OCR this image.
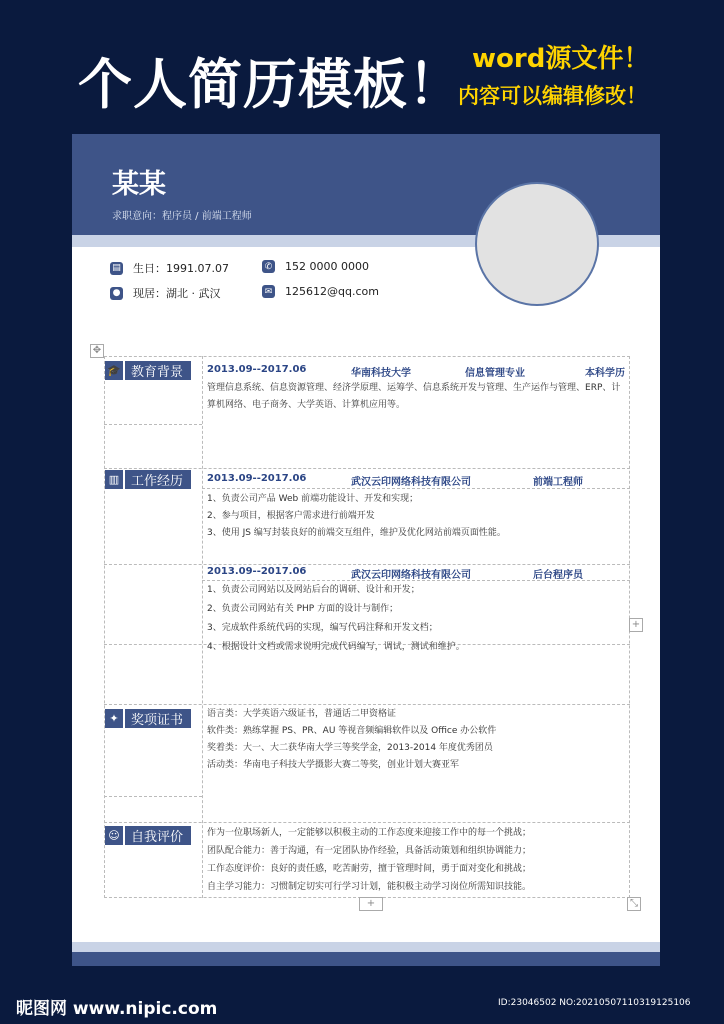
个人简历模板！ word源文件！
内容可以编辑修改！
某某
求职意向：程序员 / 前端工程师
▤ 生日：1991.07.07	✆ 152 0000 0000
● 现居：湖北 · 武汉	✉ 125612@qq.com
✥
🎓 教育背景	2013.09--2017.06	华南科技大学	信息管理专业	本科学历
管理信息系统、信息资源管理、经济学原理、运筹学、信息系统开发与管理、生产运作与管理、ERP、计算机网络、电子商务、大学英语、计算机应用等。
▥ 工作经历	2013.09--2017.06	武汉云印网络科技有限公司	前端工程师
1、负责公司产品 Web 前端功能设计、开发和实现；
2、参与项目，根据客户需求进行前端开发
3、使用 JS 编写封装良好的前端交互组件，维护及优化网站前端页面性能。
2013.09--2017.06	武汉云印网络科技有限公司	后台程序员
1、负责公司网站以及网站后台的调研、设计和开发；
2、负责公司网站有关 PHP 方面的设计与制作；
3、完成软件系统代码的实现，编写代码注释和开发文档；
4、根据设计文档或需求说明完成代码编写，调试，测试和维护。
+
✦ 奖项证书	语言类：大学英语六级证书，普通话二甲资格证
软件类：熟练掌握 PS、PR、AU 等视音频编辑软件以及 Office 办公软件
奖着类：大一、大二获华南大学三等奖学金，2013-2014 年度优秀团员
活动类：华南电子科技大学摄影大赛二等奖，创业计划大赛亚军
☺ 自我评价	作为一位职场新人，一定能够以积极主动的工作态度来迎接工作中的每一个挑战；
团队配合能力：善于沟通，有一定团队协作经验，具备活动策划和组织协调能力；
工作态度评价：良好的责任感，吃苦耐劳，擅于管理时间，勇于面对变化和挑战；
自主学习能力：习惯制定切实可行学习计划，能积极主动学习岗位所需知识技能。
+	⤡
昵图网 www.nipic.com	ID:23046502 NO:20210507110319125106
